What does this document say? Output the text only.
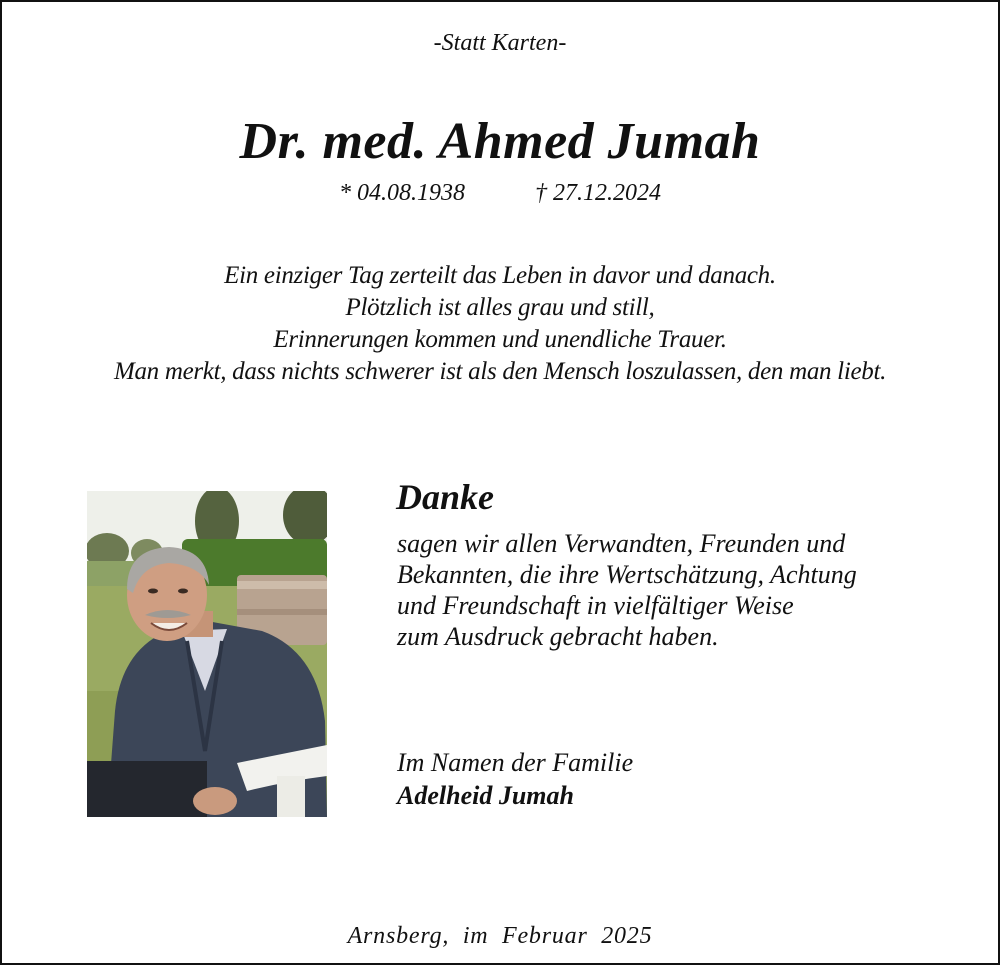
-Statt Karten-
Dr. med. Ahmed Jumah
* 04.08.1938	† 27.12.2024
Ein einziger Tag zerteilt das Leben in davor und danach.
Plötzlich ist alles grau und still,
Erinnerungen kommen und unendliche Trauer.
Man merkt, dass nichts schwerer ist als den Mensch loszulassen, den man liebt.
Danke
sagen wir allen Verwandten, Freunden und
Bekannten, die ihre Wertschätzung, Achtung
und Freundschaft in vielfältiger Weise
zum Ausdruck gebracht haben.
Im Namen der Familie
Adelheid Jumah
Arnsberg,  im  Februar  2025
